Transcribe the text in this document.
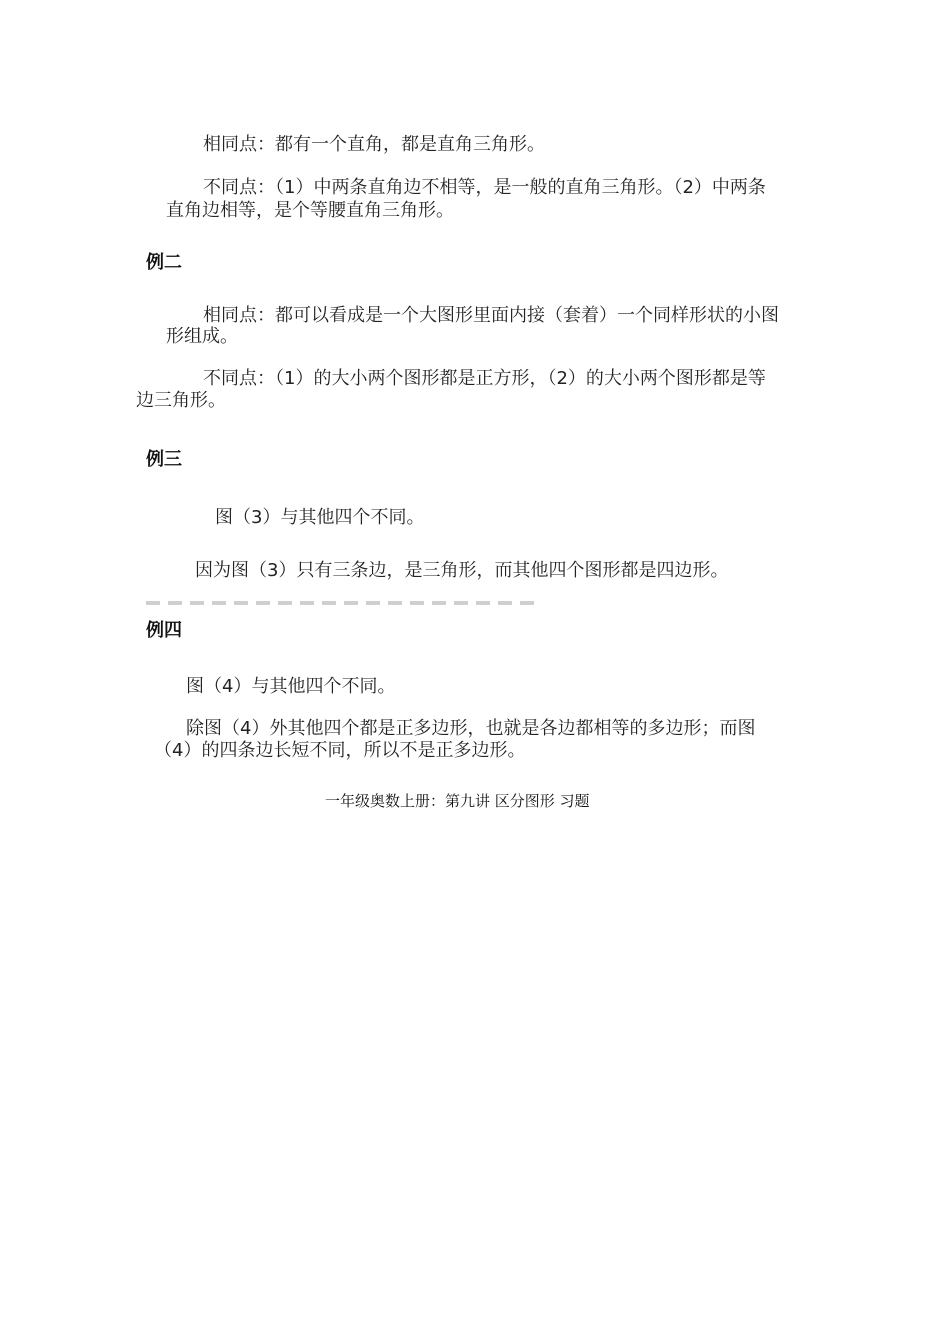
相同点：都有一个直角，都是直角三角形。
不同点：（1）中两条直角边不相等，是一般的直角三角形。（2）中两条
直角边相等，是个等腰直角三角形。
例二
相同点：都可以看成是一个大图形里面内接（套着）一个同样形状的小图
形组成。
不同点：（1）的大小两个图形都是正方形，（2）的大小两个图形都是等
边三角形。
例三
图（3）与其他四个不同。
因为图（3）只有三条边，是三角形，而其他四个图形都是四边形。
例四
图（4）与其他四个不同。
除图（4）外其他四个都是正多边形，也就是各边都相等的多边形；而图
（4）的四条边长短不同，所以不是正多边形。
一年级奥数上册：第九讲 区分图形 习题
